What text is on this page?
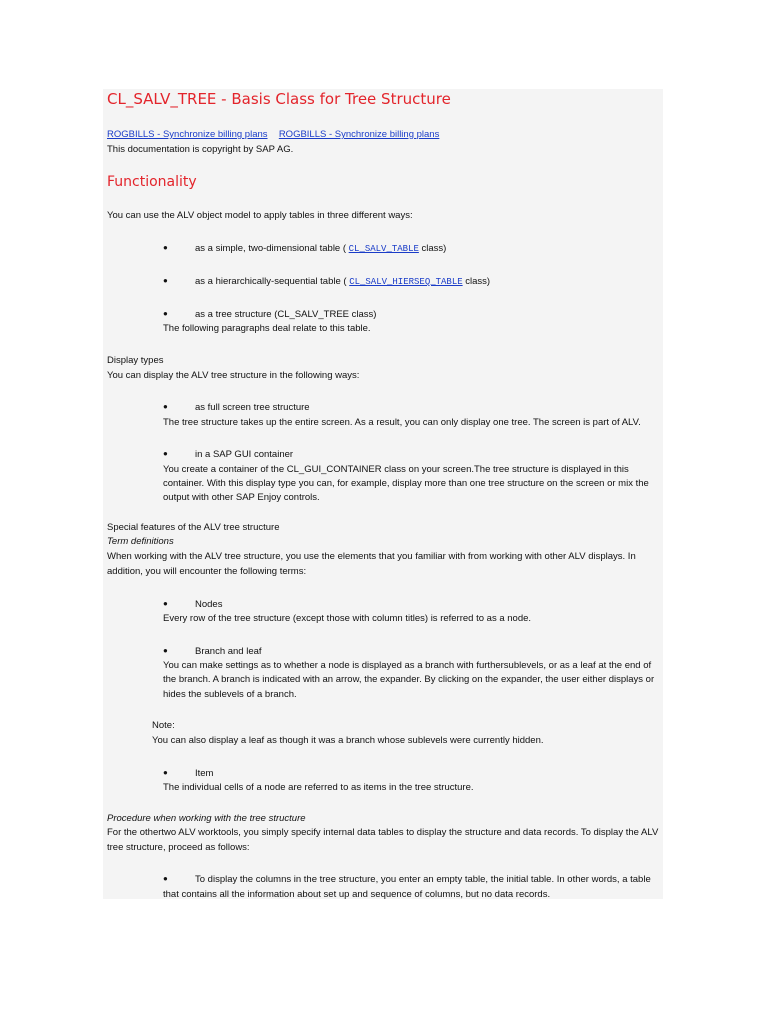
CL_SALV_TREE - Basis Class for Tree Structure
ROGBILLS - Synchronize billing plans ROGBILLS - Synchronize billing plans
This documentation is copyright by SAP AG.
Functionality
You can use the ALV object model to apply tables in three different ways:
●	as a simple, two-dimensional table ( CL_SALV_TABLE class)
●	as a hierarchically-sequential table ( CL_SALV_HIERSEQ_TABLE class)
●	as a tree structure (CL_SALV_TREE class)
The following paragraphs deal relate to this table.
Display types
You can display the ALV tree structure in the following ways:
●	as full screen tree structure
The tree structure takes up the entire screen. As a result, you can only display one tree. The screen is part of ALV.
●	in a SAP GUI container
You create a container of the CL_GUI_CONTAINER class on your screen.The tree structure is displayed in this
container. With this display type you can, for example, display more than one tree structure on the screen or mix the
output with other SAP Enjoy controls.
Special features of the ALV tree structure
Term definitions
When working with the ALV tree structure, you use the elements that you familiar with from working with other ALV displays. In
addition, you will encounter the following terms:
●	Nodes
Every row of the tree structure (except those with column titles) is referred to as a node.
●	Branch and leaf
You can make settings as to whether a node is displayed as a branch with furthersublevels, or as a leaf at the end of
the branch. A branch is indicated with an arrow, the expander. By clicking on the expander, the user either displays or
hides the sublevels of a branch.
Note:
You can also display a leaf as though it was a branch whose sublevels were currently hidden.
●	Item
The individual cells of a node are referred to as items in the tree structure.
Procedure when working with the tree structure
For the othertwo ALV worktools, you simply specify internal data tables to display the structure and data records. To display the ALV
tree structure, proceed as follows:
●	To display the columns in the tree structure, you enter an empty table, the initial table. In other words, a table
that contains all the information about set up and sequence of columns, but no data records.
